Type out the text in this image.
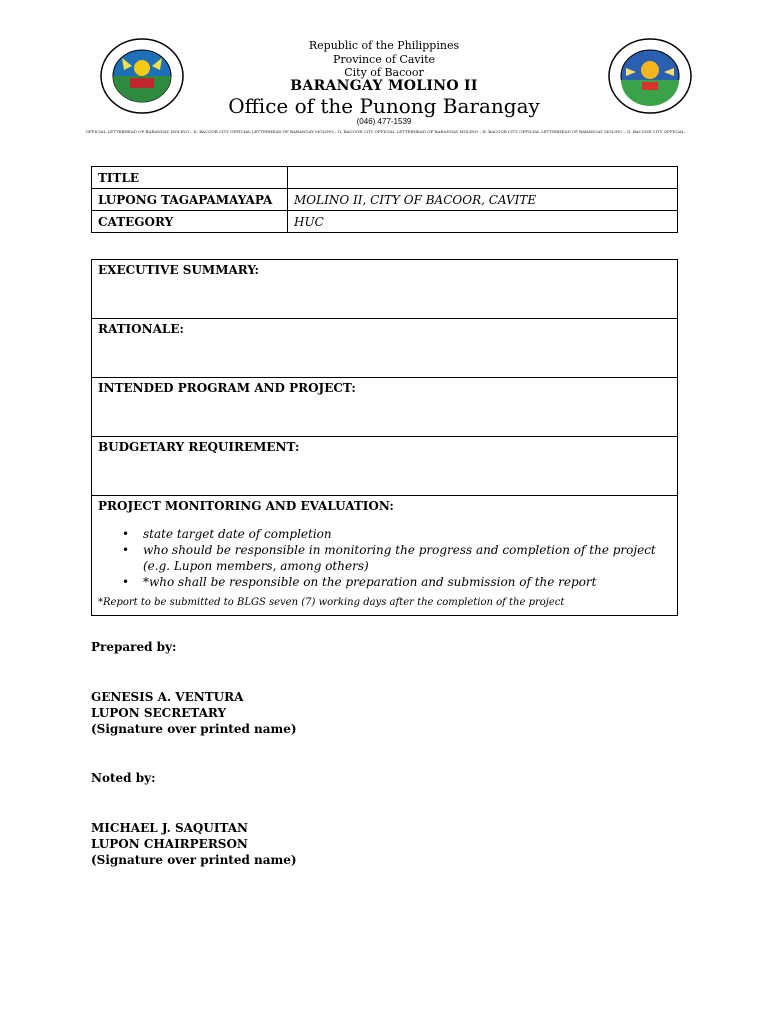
Republic of the Philippines
Province of Cavite
City of Bacoor
BARANGAY MOLINO II
Office of the Punong Barangay
(046) 477-1539
OFFICIAL LETTERHEAD OF BARANGAY MOLINO – II, BACOOR CITY OFFICIAL LETTERHEAD OF BARANGAY MOLINO – II, BACOOR CITY OFFICIAL LETTERHEAD OF BARANGAY MOLINO – II, BACOOR CITY OFFICIAL LETTERHEAD OF BARANGAY MOLINO – II, BACOOR CITY OFFICIAL
TITLE	
LUPONG TAGAPAMAYAPA	MOLINO II, CITY OF BACOOR, CAVITE
CATEGORY	HUC
EXECUTIVE SUMMARY:

RATIONALE:

INTENDED PROGRAM AND PROJECT:

BUDGETARY REQUIREMENT:

PROJECT MONITORING AND EVALUATION:
• state target date of completion
• who should be responsible in monitoring the progress and completion of the project (e.g. Lupon members, among others)
• *who shall be responsible on the preparation and submission of the report
*Report to be submitted to BLGS seven (7) working days after the completion of the project
Prepared by:
GENESIS A. VENTURA
LUPON SECRETARY
(Signature over printed name)
Noted by:
MICHAEL J. SAQUITAN
LUPON CHAIRPERSON
(Signature over printed name)
